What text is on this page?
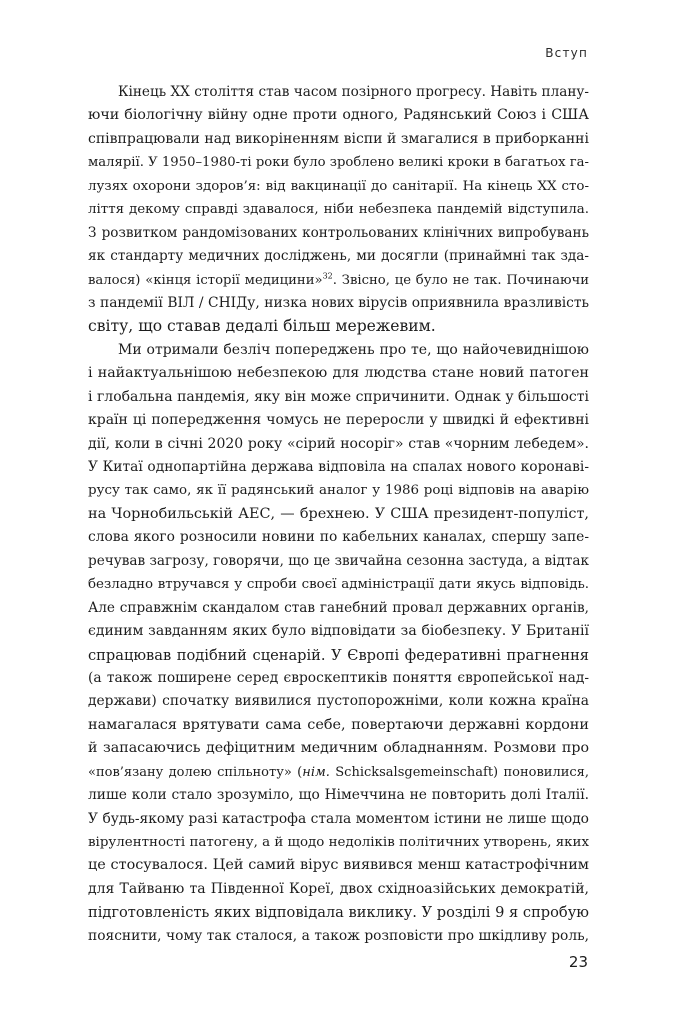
Вступ
Кінець XX століття став часом позірного прогресу. Навіть плану-
ючи біологічну війну одне проти одного, Радянський Союз і США
співпрацювали над викоріненням віспи й змагалися в приборканні
малярії. У 1950–1980-ті роки було зроблено великі кроки в багатьох га-
лузях охорони здоров’я: від вакцинації до санітарії. На кінець XX сто-
ліття декому справді здавалося, ніби небезпека пандемій відступила.
З розвитком рандомізованих контрольованих клінічних випробувань
як стандарту медичних досліджень, ми досягли (принаймні так зда-
валося) «кінця історії медицини»$^{32}$. Звісно, це було не так. Починаючи
з пандемії ВІЛ / СНІДу, низка нових вірусів оприявнила вразливість
світу, що ставав дедалі більш мережевим.
Ми отримали безліч попереджень про те, що найочевиднішою
і найактуальнішою небезпекою для людства стане новий патоген
і глобальна пандемія, яку він може спричинити. Однак у більшості
країн ці попередження чомусь не переросли у швидкі й ефективні
дії, коли в січні 2020 року «сірий носоріг» став «чорним лебедем».
У Китаї однопартійна держава відповіла на спалах нового коронаві-
русу так само, як її радянський аналог у 1986 році відповів на аварію
на Чорнобильській АЕС, — брехнею. У США президент-популіст,
слова якого розносили новини по кабельних каналах, спершу запе-
речував загрозу, говорячи, що це звичайна сезонна застуда, а відтак
безладно втручався у спроби своєї адміністрації дати якусь відповідь.
Але справжнім скандалом став ганебний провал державних органів,
єдиним завданням яких було відповідати за біобезпеку. У Британії
спрацював подібний сценарій. У Європі федеративні прагнення
(а також поширене серед євроскептиків поняття європейської над-
держави) спочатку виявилися пустопорожніми, коли кожна країна
намагалася врятувати сама себе, повертаючи державні кордони
й запасаючись дефіцитним медичним обладнанням. Розмови про
«пов’язану долею спільноту» (нім. Schicksalsgemeinschaft) поновилися,
лише коли стало зрозуміло, що Німеччина не повторить долі Італії.
У будь-якому разі катастрофа стала моментом істини не лише щодо
вірулентності патогену, а й щодо недоліків політичних утворень, яких
це стосувалося. Цей самий вірус виявився менш катастрофічним
для Тайваню та Південної Кореї, двох східноазійських демократій,
підготовленість яких відповідала виклику. У розділі 9 я спробую
пояснити, чому так сталося, а також розповісти про шкідливу роль,
23
